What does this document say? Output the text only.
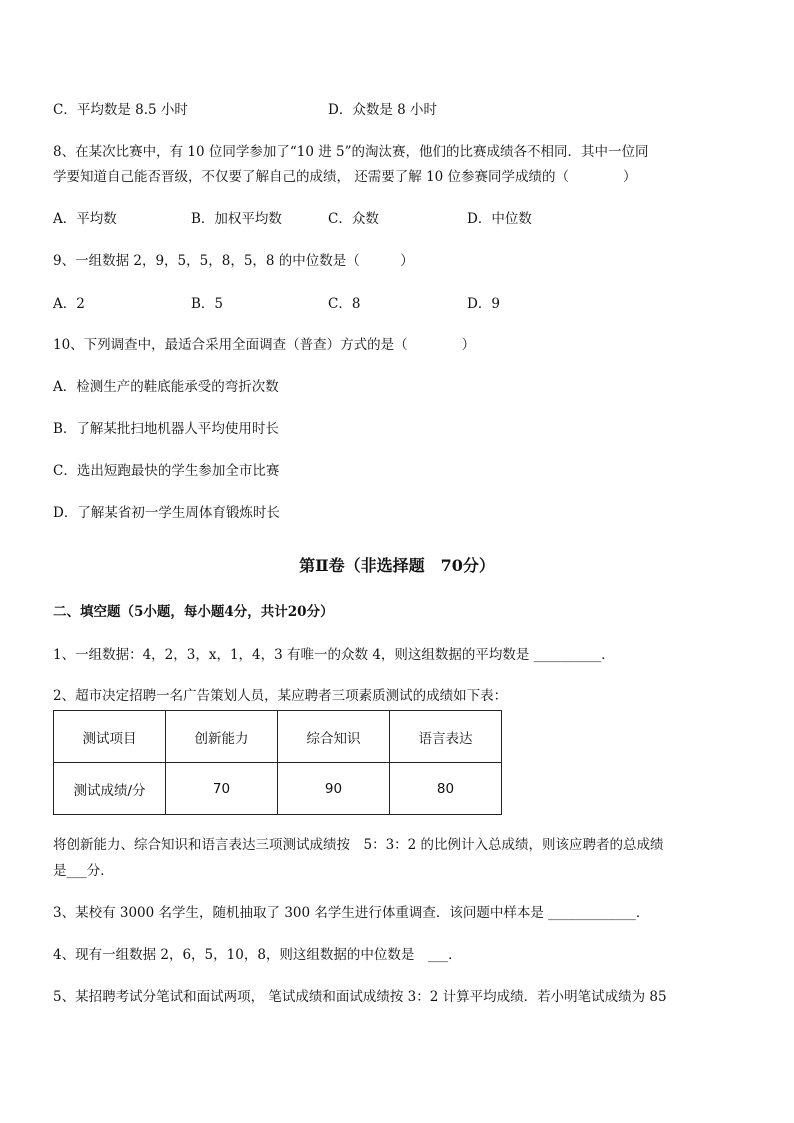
C．平均数是 8.5 小时	D．众数是 8 小时
8、在某次比赛中，有 10 位同学参加了“10 进 5”的淘汰赛，他们的比赛成绩各不相同．其中一位同
学要知道自己能否晋级，不仅要了解自己的成绩， 还需要了解 10 位参赛同学成绩的（　　　　）
A．平均数	B．加权平均数	C．众数	D．中位数
9、一组数据 2，9，5，5，8，5，8 的中位数是（　　　）
A．2	B．5	C．8	D．9
10、下列调查中，最适合采用全面调查（普查）方式的是（　　　　）
A．检测生产的鞋底能承受的弯折次数
B．了解某批扫地机器人平均使用时长
C．选出短跑最快的学生参加全市比赛
D．了解某省初一学生周体育锻炼时长
第Ⅱ卷（非选择题　70分）
二、填空题（5小题，每小题4分，共计20分）
1、一组数据：4，2，3，x，1，4，3 有唯一的众数 4，则这组数据的平均数是 __________．
2、超市决定招聘一名广告策划人员，某应聘者三项素质测试的成绩如下表：
测试项目	创新能力	综合知识	语言表达
测试成绩/分	70	90	80
将创新能力、综合知识和语言表达三项测试成绩按　5：3：2 的比例计入总成绩，则该应聘者的总成绩
是___分．
3、某校有 3000 名学生，随机抽取了 300 名学生进行体重调查．该问题中样本是 _____________．
4、现有一组数据 2，6，5，10，8，则这组数据的中位数是　___．
5、某招聘考试分笔试和面试两项， 笔试成绩和面试成绩按 3：2 计算平均成绩．若小明笔试成绩为 85
